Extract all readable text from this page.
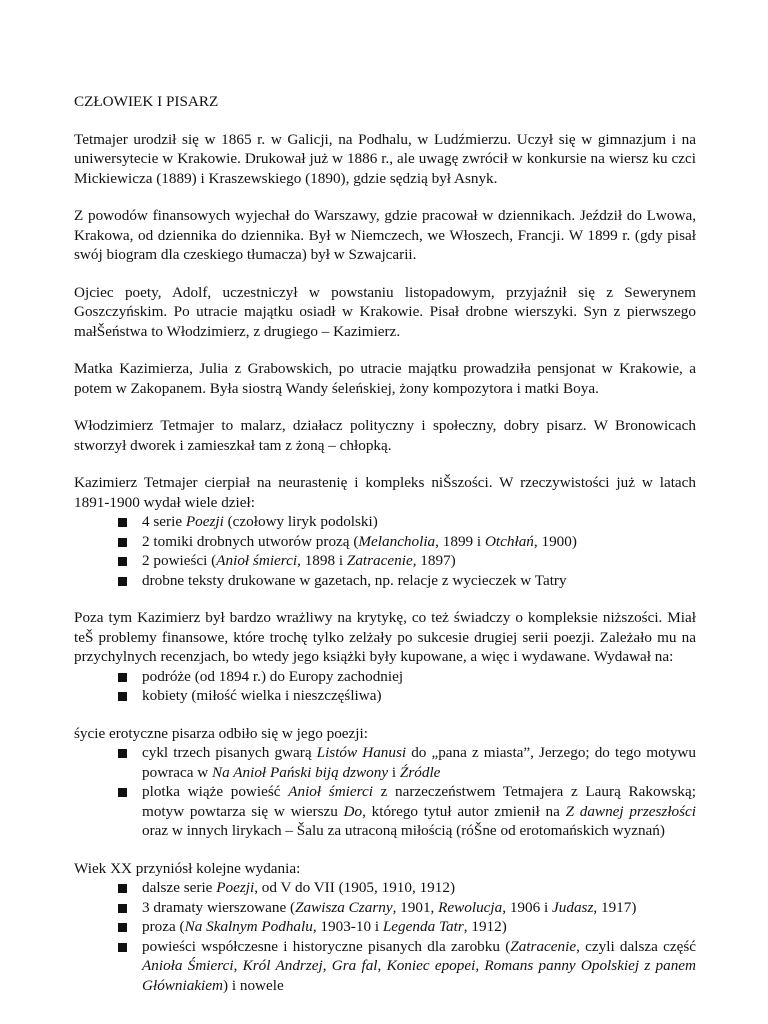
CZŁOWIEK I PISARZ

Tetmajer urodził się w 1865 r. w Galicji, na Podhalu, w Ludźmierzu. Uczył się w gimnazjum i na uniwersytecie w Krakowie. Drukował już w 1886 r., ale uwagę zwrócił w konkursie na wiersz ku czci Mickiewicza (1889) i Kraszewskiego (1890), gdzie sędzią był Asnyk.

Z powodów finansowych wyjechał do Warszawy, gdzie pracował w dziennikach. Jeździł do Lwowa, Krakowa, od dziennika do dziennika. Był w Niemczech, we Włoszech, Francji. W 1899 r. (gdy pisał swój biogram dla czeskiego tłumacza) był w Szwajcarii.

Ojciec poety, Adolf, uczestniczył w powstaniu listopadowym, przyjaźnił się z Sewerynem Goszczyńskim. Po utracie majątku osiadł w Krakowie. Pisał drobne wierszyki. Syn z pierwszego małŠeństwa to Włodzimierz, z drugiego – Kazimierz.

Matka Kazimierza, Julia z Grabowskich, po utracie majątku prowadziła pensjonat w Krakowie, a potem w Zakopanem. Była siostrą Wandy śeleńskiej, żony kompozytora i matki Boya.

Włodzimierz Tetmajer to malarz, działacz polityczny i społeczny, dobry pisarz. W Bronowicach stworzył dworek i zamieszkał tam z żoną – chłopką.

Kazimierz Tetmajer cierpiał na neurastenię i kompleks niŠszości. W rzeczywistości już w latach 1891-1900 wydał wiele dzieł:

4 serie Poezji (czołowy liryk podolski)
2 tomiki drobnych utworów prozą (Melancholia, 1899 i Otchłań, 1900)
2 powieści (Anioł śmierci, 1898 i Zatracenie, 1897)
drobne teksty drukowane w gazetach, np. relacje z wycieczek w Tatry

Poza tym Kazimierz był bardzo wrażliwy na krytykę, co też świadczy o kompleksie niższości. Miał teŠ problemy finansowe, które trochę tylko zelżały po sukcesie drugiej serii poezji. Zależało mu na przychylnych recenzjach, bo wtedy jego książki były kupowane, a więc i wydawane. Wydawał na:

podróże (od 1894 r.) do Europy zachodniej
kobiety (miłość wielka i nieszczęśliwa)

śycie erotyczne pisarza odbiło się w jego poezji:

cykl trzech pisanych gwarą Listów Hanusi do „pana z miasta”, Jerzego; do tego motywu powraca w Na Anioł Pański biją dzwony i Źródle
plotka wiąże powieść Anioł śmierci z narzeczeństwem Tetmajera z Laurą Rakowską; motyw powtarza się w wierszu Do, którego tytuł autor zmienił na Z dawnej przeszłości oraz w innych lirykach – Šalu za utraconą miłością (róŠne od erotomańskich wyznań)

Wiek XX przyniósł kolejne wydania:

dalsze serie Poezji, od V do VII (1905, 1910, 1912)
3 dramaty wierszowane (Zawisza Czarny, 1901, Rewolucja, 1906 i Judasz, 1917)
proza (Na Skalnym Podhalu, 1903-10 i Legenda Tatr, 1912)
powieści współczesne i historyczne pisanych dla zarobku (Zatracenie, czyli dalsza część Anioła Śmierci, Król Andrzej, Gra fal, Koniec epopei, Romans panny Opolskiej z panem Główniakiem) i nowele
